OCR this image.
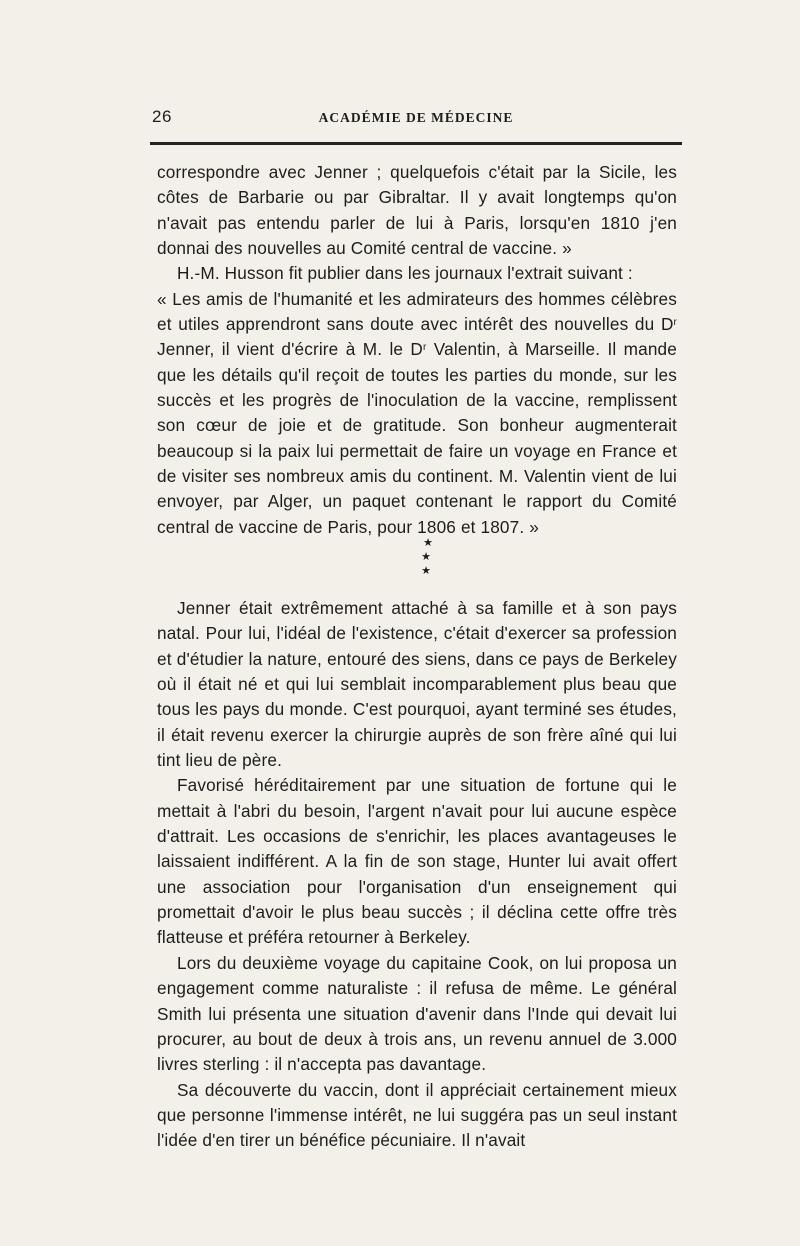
26	ACADÉMIE DE MÉDECINE

correspondre avec Jenner ; quelquefois c'était par la Sicile, les côtes de Barbarie ou par Gibraltar. Il y avait longtemps qu'on n'avait pas entendu parler de lui à Paris, lorsqu'en 1810 j'en donnai des nouvelles au Comité central de vaccine. »

H.-M. Husson fit publier dans les journaux l'extrait suivant :

« Les amis de l'humanité et les admirateurs des hommes célèbres et utiles apprendront sans doute avec intérêt des nouvelles du $D^r$ Jenner, il vient d'écrire à M. le $D^r$ Valentin, à Marseille. Il mande que les détails qu'il reçoit de toutes les parties du monde, sur les succès et les progrès de l'inoculation de la vaccine, remplissent son cœur de joie et de gratitude. Son bonheur augmenterait beaucoup si la paix lui permettait de faire un voyage en France et de visiter ses nombreux amis du continent. M. Valentin vient de lui envoyer, par Alger, un paquet contenant le rapport du Comité central de vaccine de Paris, pour 1806 et 1807. »

★
★ ★

Jenner était extrêmement attaché à sa famille et à son pays natal. Pour lui, l'idéal de l'existence, c'était d'exercer sa profession et d'étudier la nature, entouré des siens, dans ce pays de Berkeley où il était né et qui lui semblait incomparablement plus beau que tous les pays du monde. C'est pourquoi, ayant terminé ses études, il était revenu exercer la chirurgie auprès de son frère aîné qui lui tint lieu de père.

Favorisé héréditairement par une situation de fortune qui le mettait à l'abri du besoin, l'argent n'avait pour lui aucune espèce d'attrait. Les occasions de s'enrichir, les places avantageuses le laissaient indifférent. A la fin de son stage, Hunter lui avait offert une association pour l'organisation d'un enseignement qui promettait d'avoir le plus beau succès ; il déclina cette offre très flatteuse et préféra retourner à Berkeley.

Lors du deuxième voyage du capitaine Cook, on lui proposa un engagement comme naturaliste : il refusa de même. Le général Smith lui présenta une situation d'avenir dans l'Inde qui devait lui procurer, au bout de deux à trois ans, un revenu annuel de 3.000 livres sterling : il n'accepta pas davantage.

Sa découverte du vaccin, dont il appréciait certainement mieux que personne l'immense intérêt, ne lui suggéra pas un seul instant l'idée d'en tirer un bénéfice pécuniaire. Il n'avait
